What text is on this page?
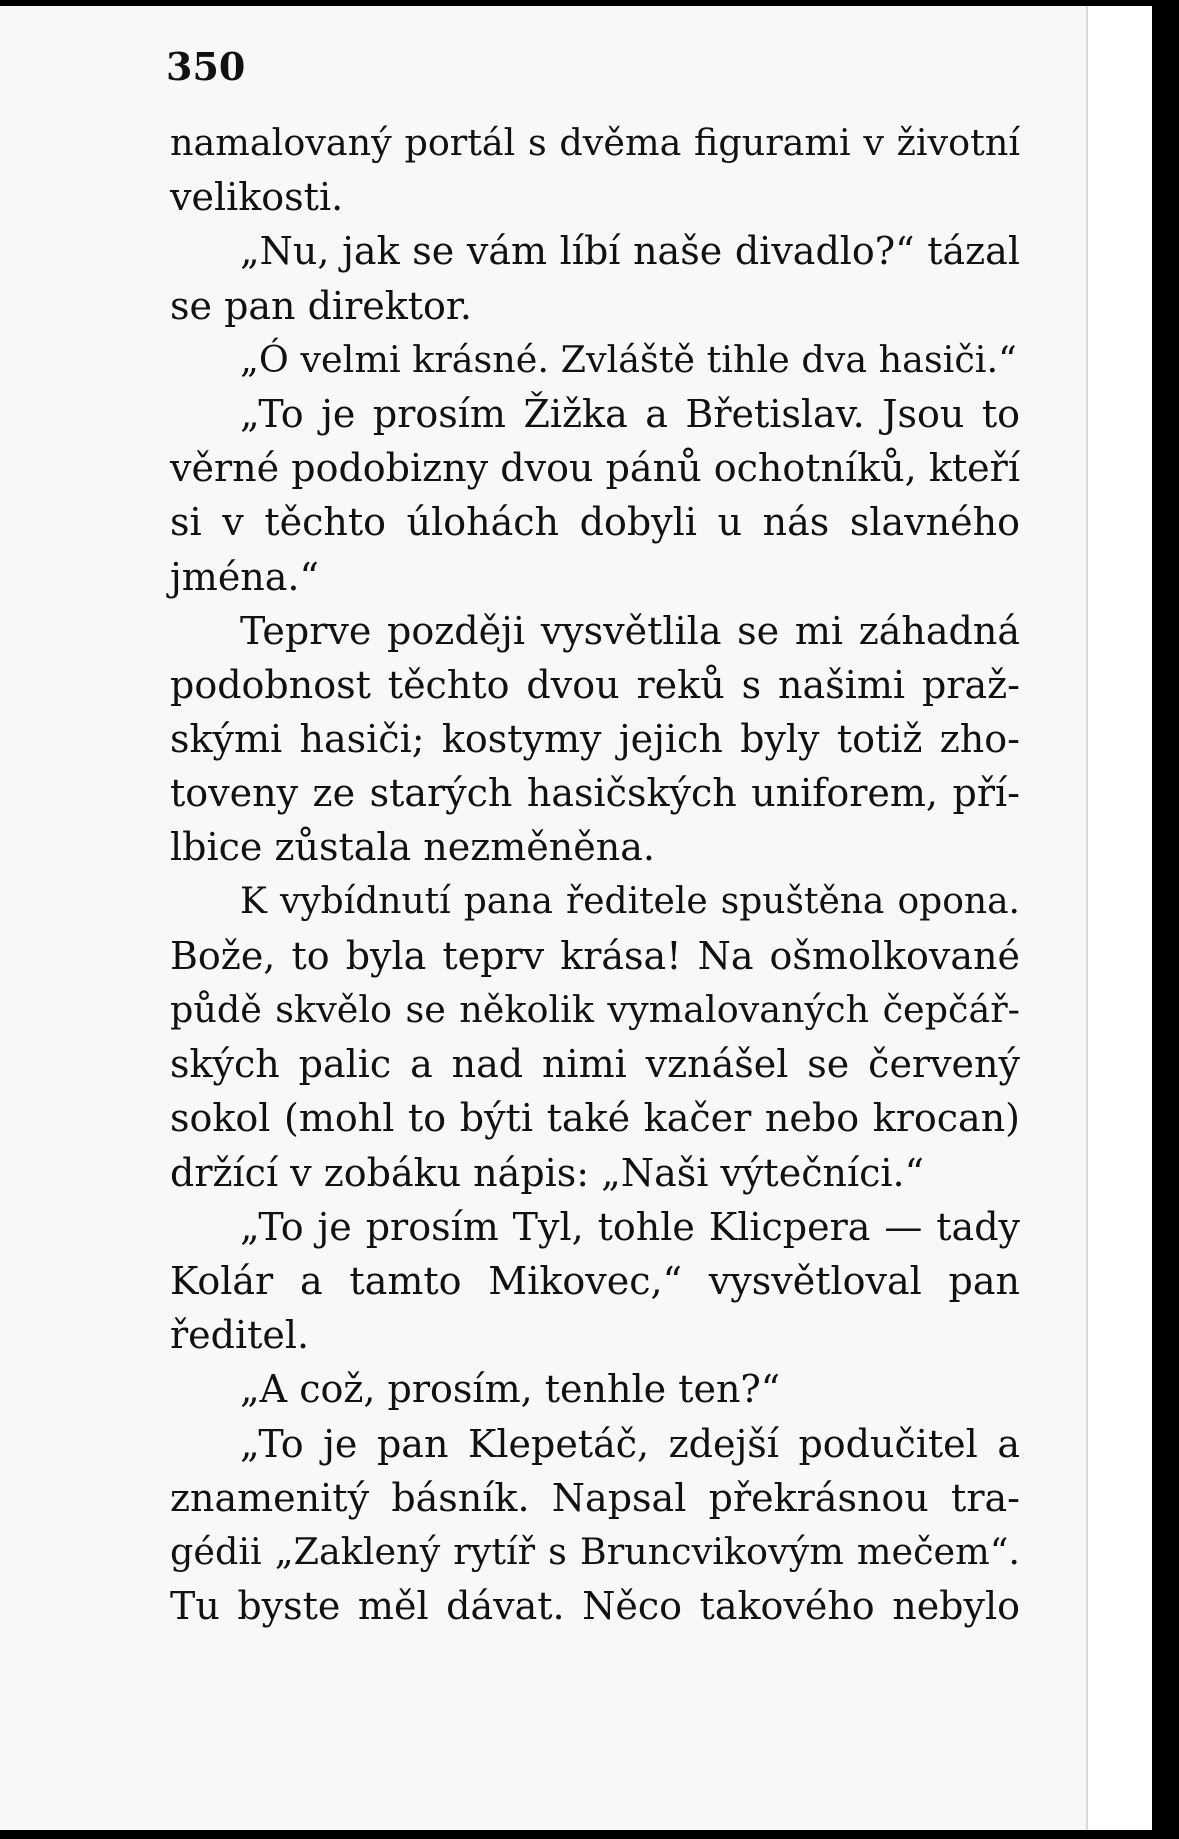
350
namalovaný portál s dvěma figurami v životní
velikosti.
„Nu, jak se vám líbí naše divadlo?“ tázal
se pan direktor.
„Ó velmi krásné. Zvláště tihle dva hasiči.“
„To je prosím Žižka a Břetislav. Jsou to
věrné podobizny dvou pánů ochotníků, kteří
si v těchto úlohách dobyli u nás slavného
jména.“
Teprve později vysvětlila se mi záhadná
podobnost těchto dvou reků s našimi praž-
skými hasiči; kostymy jejich byly totiž zho-
toveny ze starých hasičských uniforem, pří-
lbice zůstala nezměněna.
K vybídnutí pana ředitele spuštěna opona.
Bože, to byla teprv krása! Na ošmolkované
půdě skvělo se několik vymalovaných čepčář-
ských palic a nad nimi vznášel se červený
sokol (mohl to býti také kačer nebo krocan)
držící v zobáku nápis: „Naši výtečníci.“
„To je prosím Tyl, tohle Klicpera — tady
Kolár a tamto Mikovec,“ vysvětloval pan
ředitel.
„A což, prosím, tenhle ten?“
„To je pan Klepetáč, zdejší podučitel a
znamenitý básník. Napsal překrásnou tra-
gédii „Zaklený rytíř s Bruncvikovým mečem“.
Tu byste měl dávat. Něco takového nebylo
